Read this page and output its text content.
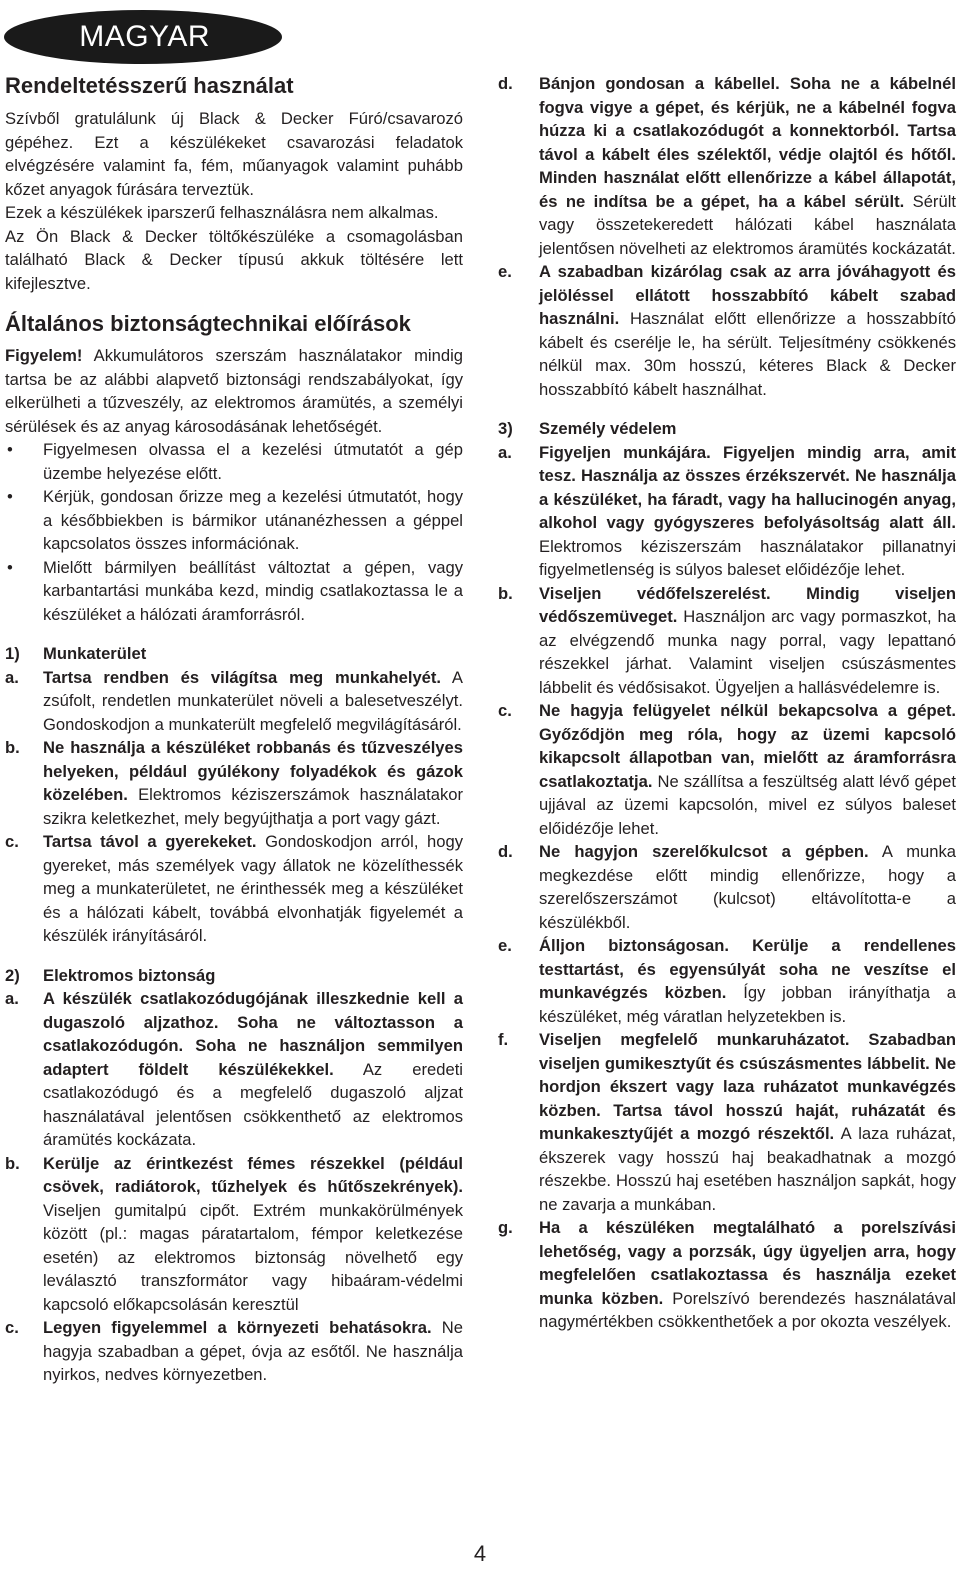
MAGYAR
Rendeltetésszerű használat
Szívből gratulálunk új Black & Decker Fúró/csavarozó gépéhez. Ezt a készülékeket csavarozási feladatok elvégzésére valamint fa, fém, műanyagok valamint puhább kőzet anyagok fúrására terveztük.
Ezek a készülékek iparszerű felhasználásra nem alkalmas.
Az Ön Black & Decker töltőkészüléke a csomagolásban található Black & Decker típusú akkuk töltésére lett kifejlesztve.
Általános biztonságtechnikai előírások
Figyelem! Akkumulátoros szerszám használatakor mindig tartsa be az alábbi alapvető biztonsági rendszabályokat, így elkerülheti a tűzveszély, az elektromos áramütés, a személyi sérülések és az anyag károsodásának lehetőségét.
•	Figyelmesen olvassa el a kezelési útmutatót a gép üzembe helyezése előtt.
•	Kérjük, gondosan őrizze meg a kezelési útmutatót, hogy a későbbiekben is bármikor utánanézhessen a géppel kapcsolatos összes információnak.
•	Mielőtt bármilyen beállítást változtat a gépen, vagy karbantartási munkába kezd, mindig csatlakoztassa le a készüléket a hálózati áramforrásról.
1)	Munkaterület
a.	Tartsa rendben és világítsa meg munkahelyét. A zsúfolt, rendetlen munkaterület növeli a balesetveszélyt. Gondoskodjon a munkaterült megfelelő megvilágításáról.
b.	Ne használja a készüléket robbanás és tűzveszélyes helyeken, például gyúlékony folyadékok és gázok közelében. Elektromos kéziszerszámok használatakor szikra keletkezhet, mely begyújthatja a port vagy gázt.
c.	Tartsa távol a gyerekeket. Gondoskodjon arról, hogy gyereket, más személyek vagy állatok ne közelíthessék meg a munkaterületet, ne érinthessék meg a készüléket és a hálózati kábelt, továbbá elvonhatják figyelemét a készülék irányításáról.
2)	Elektromos biztonság
a.	A készülék csatlakozódugójának illeszkednie kell a dugaszoló aljzathoz. Soha ne változtasson a csatlakozódugón. Soha ne használjon semmilyen adaptert földelt készülékekkel. Az eredeti csatlakozódugó és a megfelelő dugaszoló aljzat használatával jelentősen csökkenthető az elektromos áramütés kockázata.
b.	Kerülje az érintkezést fémes részekkel (például csövek, radiátorok, tűzhelyek és hűtőszekrények). Viseljen gumitalpú cipőt. Extrém munkakörülmények között (pl.: magas páratartalom, fémpor keletkezése esetén) az elektromos biztonság növelhető egy leválasztó transzformátor vagy hibaáram-védelmi kapcsoló előkapcsolásán keresztül
c.	Legyen figyelemmel a környezeti behatásokra. Ne hagyja szabadban a gépet, óvja az esőtől. Ne használja nyirkos, nedves környezetben.
d.	Bánjon gondosan a kábellel. Soha ne a kábelnél fogva vigye a gépet, és kérjük, ne a kábelnél fogva húzza ki a csatlakozódugót a konnektorból. Tartsa távol a kábelt éles szélektől, védje olajtól és hőtől. Minden használat előtt ellenőrizze a kábel állapotát, és ne indítsa be a gépet, ha a kábel sérült. Sérült vagy összetekeredett hálózati kábel használata jelentősen növelheti az elektromos áramütés kockázatát.
e.	A szabadban kizárólag csak az arra jóváhagyott és jelöléssel ellátott hosszabbító kábelt szabad használni. Használat előtt ellenőrizze a hosszabbító kábelt és cserélje le, ha sérült. Teljesítmény csökkenés nélkül max. 30m hosszú, kéteres Black & Decker hosszabbító kábelt használhat.
3)	Személy védelem
a.	Figyeljen munkájára. Figyeljen mindig arra, amit tesz. Használja az összes érzékszervét. Ne használja a készüléket, ha fáradt, vagy ha hallucinogén anyag, alkohol vagy gyógyszeres befolyásoltság alatt áll. Elektromos kéziszerszám használatakor pillanatnyi figyelmetlenség is súlyos baleset előidézője lehet.
b.	Viseljen védőfelszerelést. Mindig viseljen védőszemüveget. Használjon arc vagy pormaszkot, ha az elvégzendő munka nagy porral, vagy lepattanó részekkel járhat. Valamint viseljen csúszásmentes lábbelit és védősisakot. Ügyeljen a hallásvédelemre is.
c.	Ne hagyja felügyelet nélkül bekapcsolva a gépet. Győződjön meg róla, hogy az üzemi kapcsoló kikapcsolt állapotban van, mielőtt az áramforrásra csatlakoztatja. Ne szállítsa a feszültség alatt lévő gépet ujjával az üzemi kapcsolón, mivel ez súlyos baleset előidézője lehet.
d.	Ne hagyjon szerelőkulcsot a gépben. A munka megkezdése előtt mindig ellenőrizze, hogy a szerelőszerszámot (kulcsot) eltávolította-e a készülékből.
e.	Álljon biztonságosan. Kerülje a rendellenes testtartást, és egyensúlyát soha ne veszítse el munkavégzés közben. Így jobban irányíthatja a készüléket, még váratlan helyzetekben is.
f.	Viseljen megfelelő munkaruházatot. Szabadban viseljen gumikesztyűt és csúszásmentes lábbelit. Ne hordjon ékszert vagy laza ruházatot munkavégzés közben. Tartsa távol hosszú haját, ruházatát és munkakesztyűjét a mozgó részektől. A laza ruházat, ékszerek vagy hosszú haj beakadhatnak a mozgó részekbe. Hosszú haj esetében használjon sapkát, hogy ne zavarja a munkában.
g.	Ha a készüléken megtalálható a porelszívási lehetőség, vagy a porzsák, úgy ügyeljen arra, hogy megfelelően csatlakoztassa és használja ezeket munka közben. Porelszívó berendezés használatával nagymértékben csökkenthetőek a por okozta veszélyek.
4
